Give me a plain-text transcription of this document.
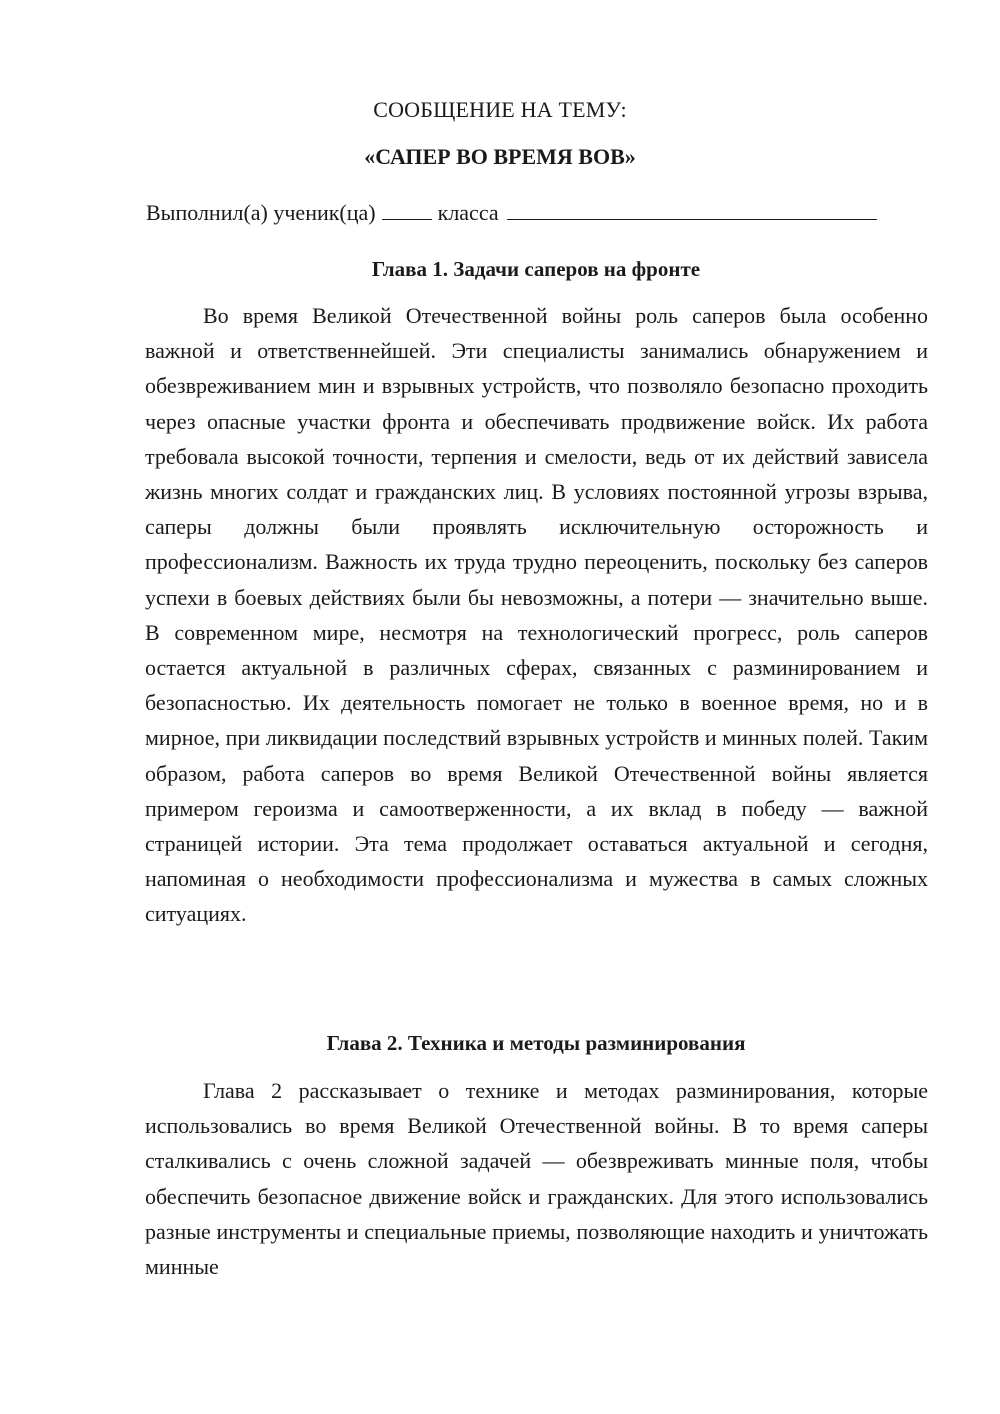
СООБЩЕНИЕ НА ТЕМУ:

«САПЕР ВО ВРЕМЯ ВОВ»

Выполнил(а) ученик(ца)	класса
Глава 1. Задачи саперов на фронте

Во время Великой Отечественной войны роль саперов была особенно важной и ответственнейшей. Эти специалисты занимались обнаружением и обезвреживанием мин и взрывных устройств, что позволяло безопасно проходить через опасные участки фронта и обеспечивать продвижение войск. Их работа требовала высокой точности, терпения и смелости, ведь от их действий зависела жизнь многих солдат и гражданских лиц. В условиях постоянной угрозы взрыва, саперы должны были проявлять исключительную осторожность и профессионализм. Важность их труда трудно переоценить, поскольку без саперов успехи в боевых действиях были бы невозможны, а потери — значительно выше. В современном мире, несмотря на технологический прогресс, роль саперов остается актуальной в различных сферах, связанных с разминированием и безопасностью. Их деятельность помогает не только в военное время, но и в мирное, при ликвидации последствий взрывных устройств и минных полей. Таким образом, работа саперов во время Великой Отечественной войны является примером героизма и самоотверженности, а их вклад в победу — важной страницей истории. Эта тема продолжает оставаться актуальной и сегодня, напоминая о необходимости профессионализма и мужества в самых сложных ситуациях.

Глава 2. Техника и методы разминирования

Глава 2 рассказывает о технике и методах разминирования, которые использовались во время Великой Отечественной войны. В то время саперы сталкивались с очень сложной задачей — обезвреживать минные поля, чтобы обеспечить безопасное движение войск и гражданских. Для этого использовались разные инструменты и специальные приемы, позволяющие находить и уничтожать минные
